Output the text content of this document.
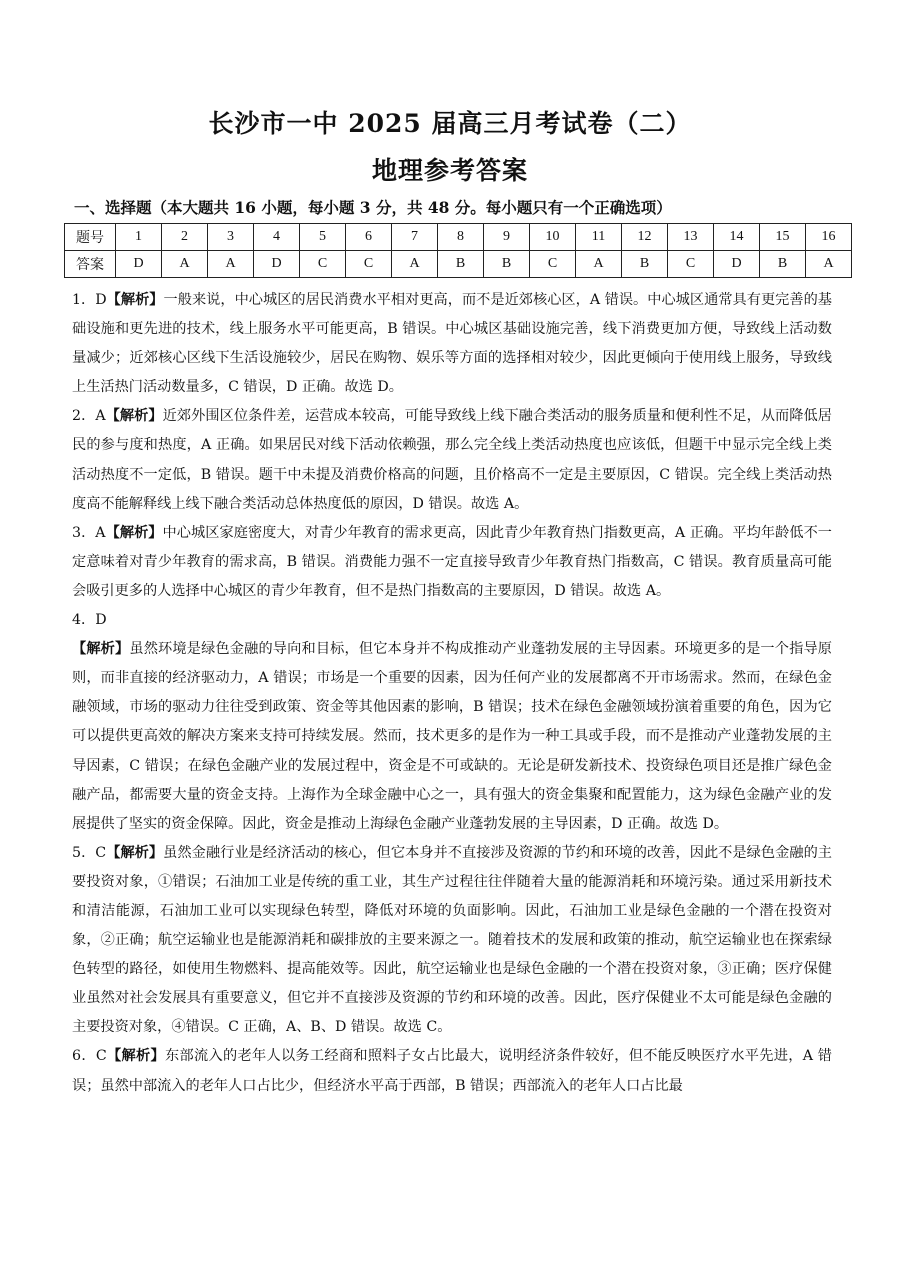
长沙市一中 2025 届高三月考试卷（二）
地理参考答案
一、选择题（本大题共 16 小题，每小题 3 分，共 48 分。每小题只有一个正确选项）
题号	1	2	3	4	5	6	7	8	9	10	11	12	13	14	15	16
答案	D	A	A	D	C	C	A	B	B	C	A	B	C	D	B	A

1．D【解析】一般来说，中心城区的居民消费水平相对更高，而不是近郊核心区，A 错误。中心城区通常具有更完善的基础设施和更先进的技术，线上服务水平可能更高，B 错误。中心城区基础设施完善，线下消费更加方便，导致线上活动数量减少；近郊核心区线下生活设施较少，居民在购物、娱乐等方面的选择相对较少，因此更倾向于使用线上服务，导致线上生活热门活动数量多，C 错误，D 正确。故选 D。

2．A【解析】近郊外围区位条件差，运营成本较高，可能导致线上线下融合类活动的服务质量和便利性不足，从而降低居民的参与度和热度，A 正确。如果居民对线下活动依赖强，那么完全线上类活动热度也应该低，但题干中显示完全线上类活动热度不一定低，B 错误。题干中未提及消费价格高的问题，且价格高不一定是主要原因，C 错误。完全线上类活动热度高不能解释线上线下融合类活动总体热度低的原因，D 错误。故选 A。

3．A【解析】中心城区家庭密度大，对青少年教育的需求更高，因此青少年教育热门指数更高，A 正确。平均年龄低不一定意味着对青少年教育的需求高，B 错误。消费能力强不一定直接导致青少年教育热门指数高，C 错误。教育质量高可能会吸引更多的人选择中心城区的青少年教育，但不是热门指数高的主要原因，D 错误。故选 A。

4．D

【解析】虽然环境是绿色金融的导向和目标，但它本身并不构成推动产业蓬勃发展的主导因素。环境更多的是一个指导原则，而非直接的经济驱动力，A 错误；市场是一个重要的因素，因为任何产业的发展都离不开市场需求。然而，在绿色金融领域，市场的驱动力往往受到政策、资金等其他因素的影响，B 错误；技术在绿色金融领域扮演着重要的角色，因为它可以提供更高效的解决方案来支持可持续发展。然而，技术更多的是作为一种工具或手段，而不是推动产业蓬勃发展的主导因素，C 错误；在绿色金融产业的发展过程中，资金是不可或缺的。无论是研发新技术、投资绿色项目还是推广绿色金融产品，都需要大量的资金支持。上海作为全球金融中心之一，具有强大的资金集聚和配置能力，这为绿色金融产业的发展提供了坚实的资金保障。因此，资金是推动上海绿色金融产业蓬勃发展的主导因素，D 正确。故选 D。

5．C【解析】虽然金融行业是经济活动的核心，但它本身并不直接涉及资源的节约和环境的改善，因此不是绿色金融的主要投资对象，①错误；石油加工业是传统的重工业，其生产过程往往伴随着大量的能源消耗和环境污染。通过采用新技术和清洁能源，石油加工业可以实现绿色转型，降低对环境的负面影响。因此，石油加工业是绿色金融的一个潜在投资对象，②正确；航空运输业也是能源消耗和碳排放的主要来源之一。随着技术的发展和政策的推动，航空运输业也在探索绿色转型的路径，如使用生物燃料、提高能效等。因此，航空运输业也是绿色金融的一个潜在投资对象，③正确；医疗保健业虽然对社会发展具有重要意义，但它并不直接涉及资源的节约和环境的改善。因此，医疗保健业不太可能是绿色金融的主要投资对象，④错误。C 正确，A、B、D 错误。故选 C。

6．C【解析】东部流入的老年人以务工经商和照料子女占比最大，说明经济条件较好，但不能反映医疗水平先进，A 错误；虽然中部流入的老年人口占比少，但经济水平高于西部，B 错误；西部流入的老年人口占比最
